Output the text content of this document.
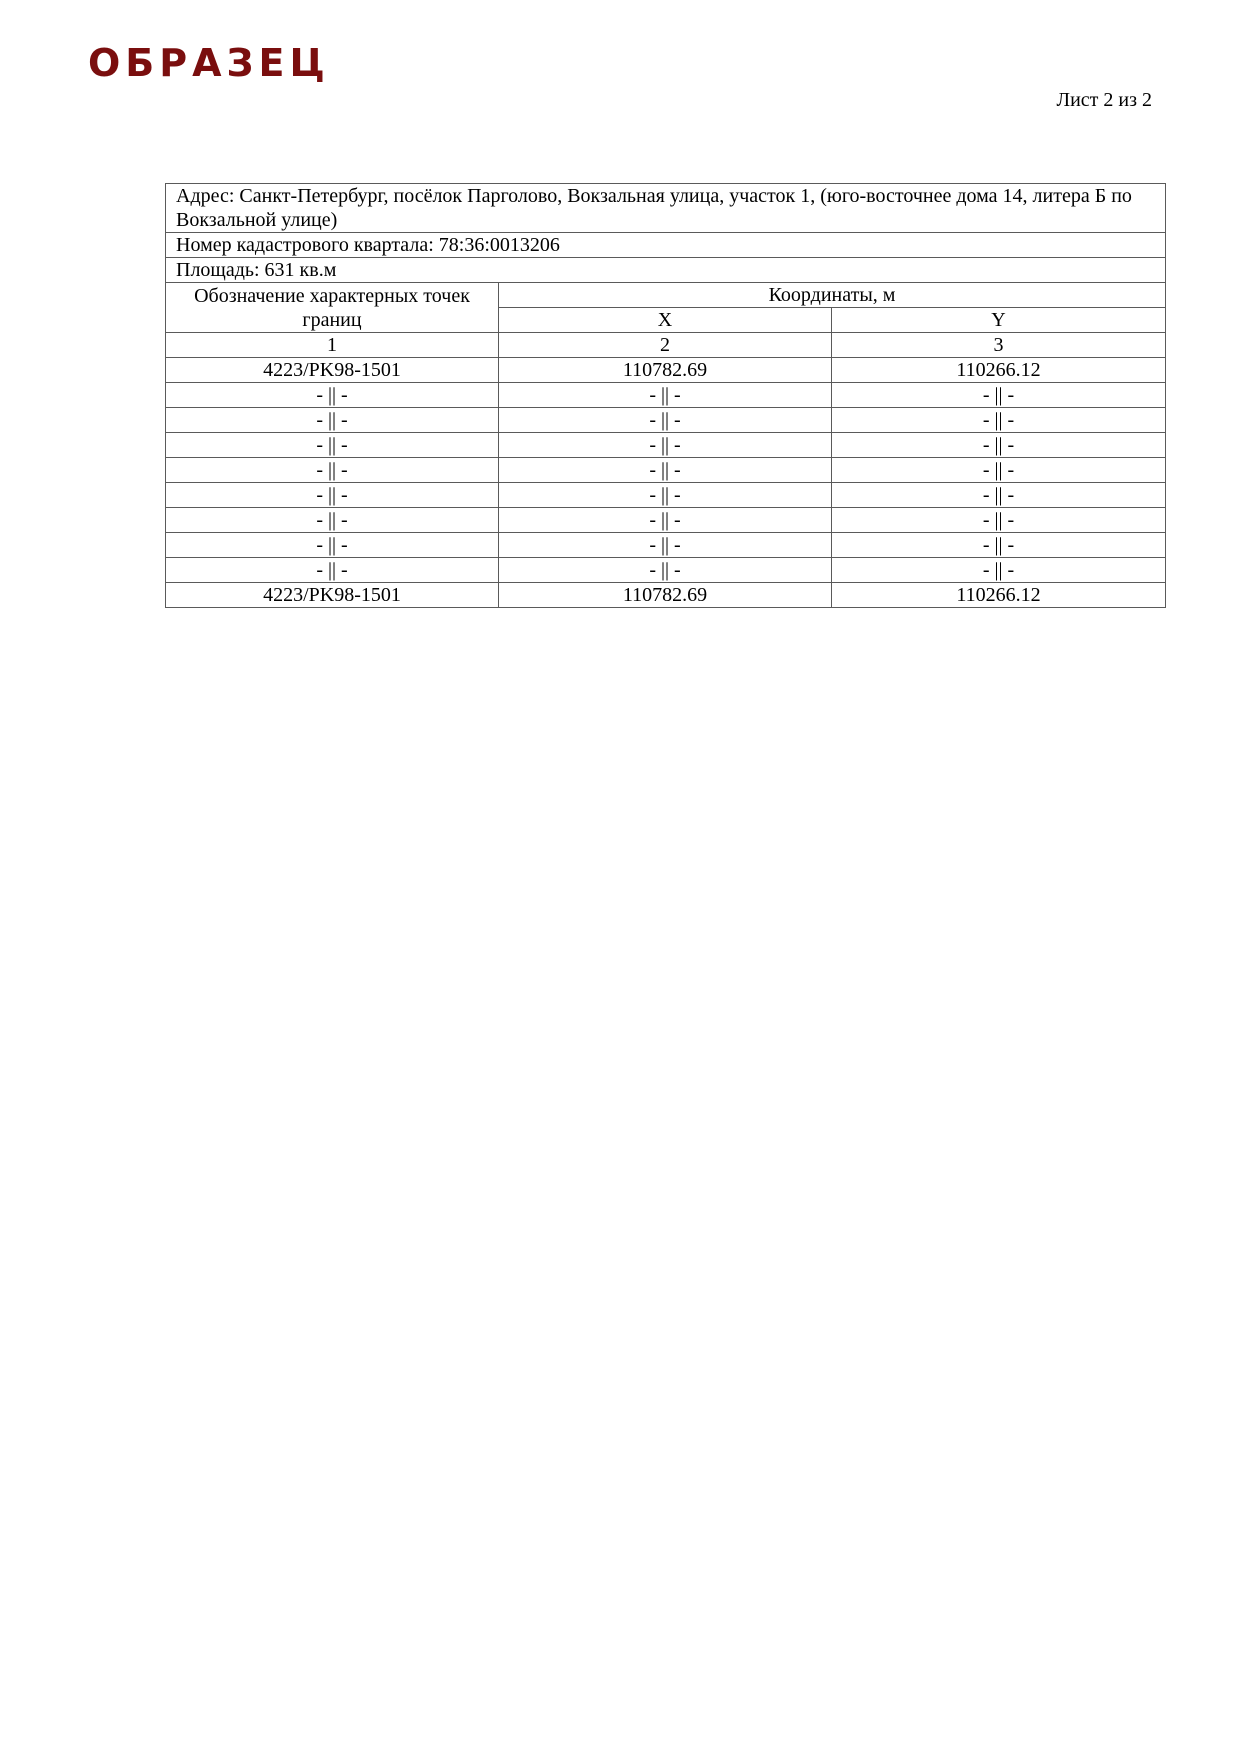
ОБРАЗЕЦ
Лист 2 из 2
Адрес: Санкт-Петербург, посёлок Парголово, Вокзальная улица, участок 1, (юго-восточнее дома 14, литера Б по Вокзальной улице)		
Номер кадастрового квартала: 78:36:0013206		
Площадь: 631 кв.м		
Обозначение характерных точек границ	Координаты, м	
	X	Y
1	2	3
4223/PK98-1501	110782.69	110266.12
- || -	- || -	- || -
- || -	- || -	- || -
- || -	- || -	- || -
- || -	- || -	- || -
- || -	- || -	- || -
- || -	- || -	- || -
- || -	- || -	- || -
- || -	- || -	- || -
4223/PK98-1501	110782.69	110266.12
